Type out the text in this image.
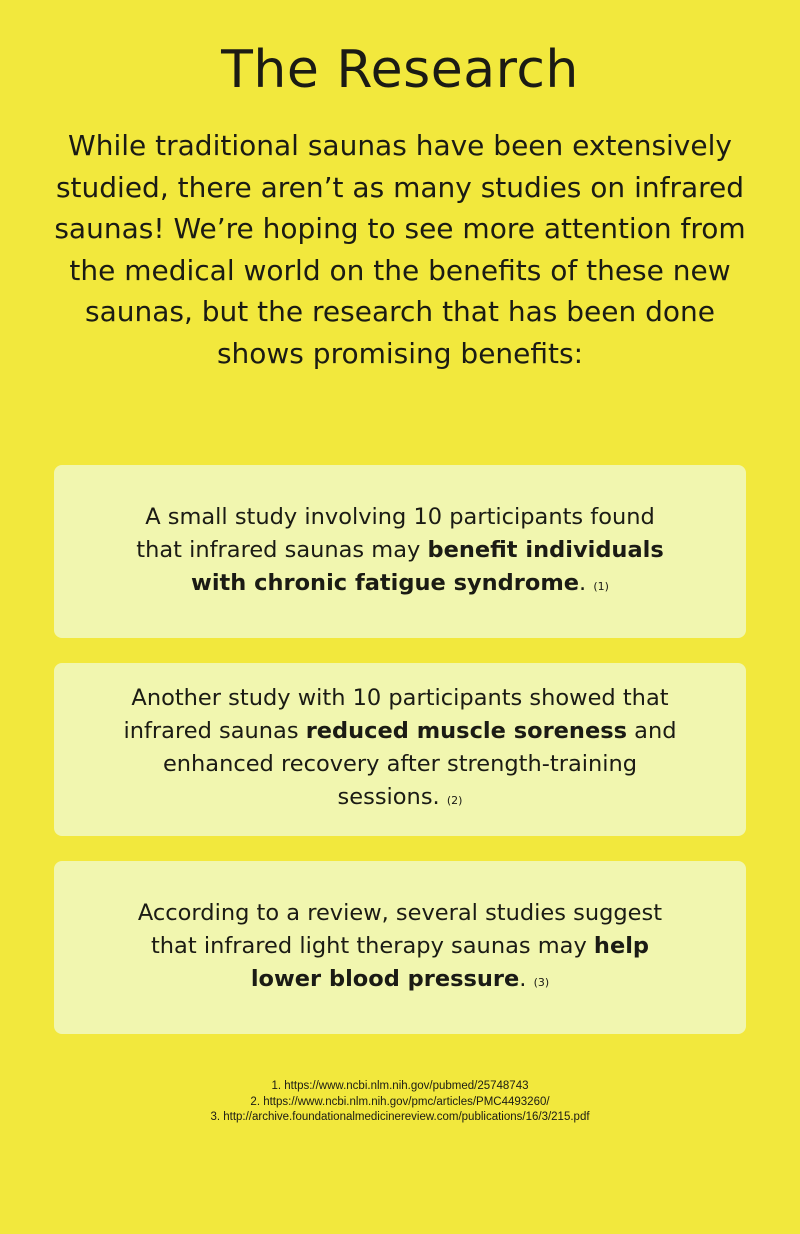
The Research

While traditional saunas have been extensively studied, there aren’t as many studies on infrared saunas! We’re hoping to see more attention from the medical world on the benefits of these new saunas, but the research that has been done shows promising benefits:

A small study involving 10 participants found that infrared saunas may benefit individuals with chronic fatigue syndrome. (1)

Another study with 10 participants showed that infrared saunas reduced muscle soreness and enhanced recovery after strength-training sessions. (2)

According to a review, several studies suggest that infrared light therapy saunas may help lower blood pressure. (3)

1. https://www.ncbi.nlm.nih.gov/pubmed/25748743
2. https://www.ncbi.nlm.nih.gov/pmc/articles/PMC4493260/
3. http://archive.foundationalmedicinereview.com/publications/16/3/215.pdf
